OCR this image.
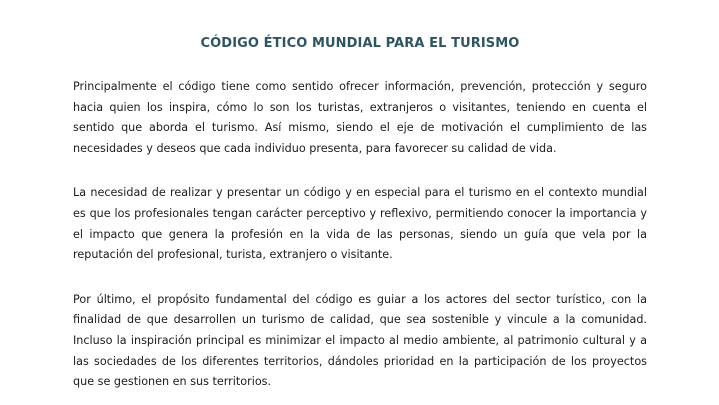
CÓDIGO ÉTICO MUNDIAL PARA EL TURISMO

Principalmente el código tiene como sentido ofrecer información, prevención, protección y seguro hacia quien los inspira, cómo lo son los turistas, extranjeros o visitantes, teniendo en cuenta el sentido que aborda el turismo. Así mismo, siendo el eje de motivación el cumplimiento de las necesidades y deseos que cada individuo presenta, para favorecer su calidad de vida.

La necesidad de realizar y presentar un código y en especial para el turismo en el contexto mundial es que los profesionales tengan carácter perceptivo y reflexivo, permitiendo conocer la importancia y el impacto que genera la profesión en la vida de las personas, siendo un guía que vela por la reputación del profesional, turista, extranjero o visitante.

Por último, el propósito fundamental del código es guiar a los actores del sector turístico, con la finalidad de que desarrollen un turismo de calidad, que sea sostenible y vincule a la comunidad. Incluso la inspiración principal es minimizar el impacto al medio ambiente, al patrimonio cultural y a las sociedades de los diferentes territorios, dándoles prioridad en la participación de los proyectos que se gestionen en sus territorios.
